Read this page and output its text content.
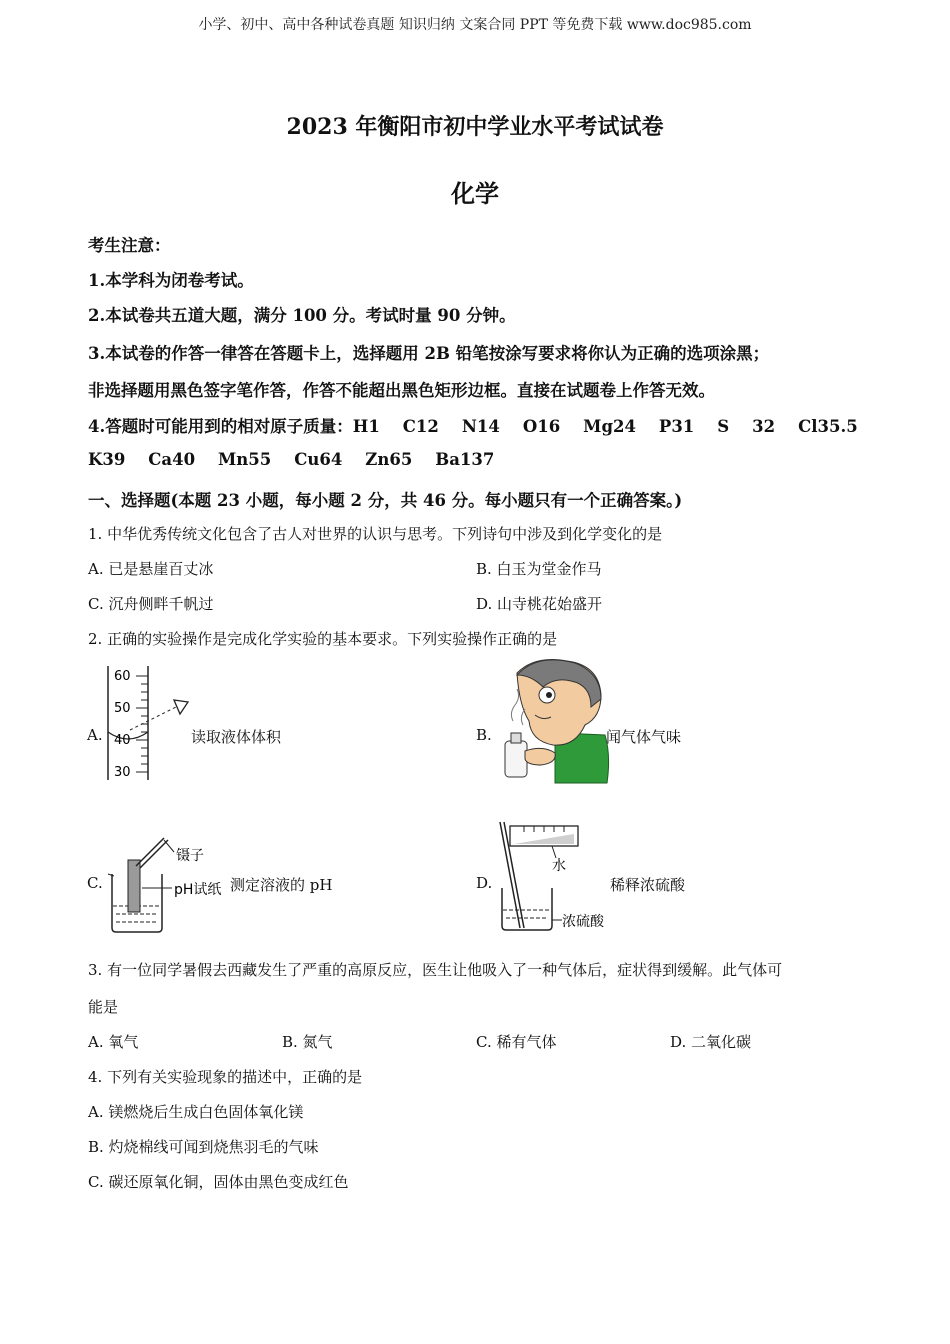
小学、初中、高中各种试卷真题 知识归纳 文案合同 PPT 等免费下载 www.doc985.com
2023 年衡阳市初中学业水平考试试卷
化学
考生注意：
1.本学科为闭卷考试。
2.本试卷共五道大题，满分 100 分。考试时量 90 分钟。
3.本试卷的作答一律答在答题卡上，选择题用 2B 铅笔按涂写要求将你认为正确的选项涂黑；
非选择题用黑色签字笔作答，作答不能超出黑色矩形边框。直接在试题卷上作答无效。
4.答题时可能用到的相对原子质量：H1    C12    N14    O16    Mg24    P31    S    32    Cl35.5
K39    Ca40    Mn55    Cu64    Zn65    Ba137
一、选择题(本题 23 小题，每小题 2 分，共 46 分。每小题只有一个正确答案。)
1. 中华优秀传统文化包含了古人对世界的认识与思考。下列诗句中涉及到化学变化的是
A. 已是悬崖百丈冰	B. 白玉为堂金作马
C. 沉舟侧畔千帆过	D. 山寺桃花始盛开
2. 正确的实验操作是完成化学实验的基本要求。下列实验操作正确的是
A.
60
50
40
30
读取液体体积	B.	闻气体气味
C.
镊子
pH试纸 测定溶液的 pH	D.
水
浓硫酸
稀释浓硫酸
3. 有一位同学暑假去西藏发生了严重的高原反应，医生让他吸入了一种气体后，症状得到缓解。此气体可
能是
A. 氧气	B. 氮气	C. 稀有气体	D. 二氧化碳
4. 下列有关实验现象的描述中，正确的是
A. 镁燃烧后生成白色固体氧化镁
B. 灼烧棉线可闻到烧焦羽毛的气味
C. 碳还原氧化铜，固体由黑色变成红色
